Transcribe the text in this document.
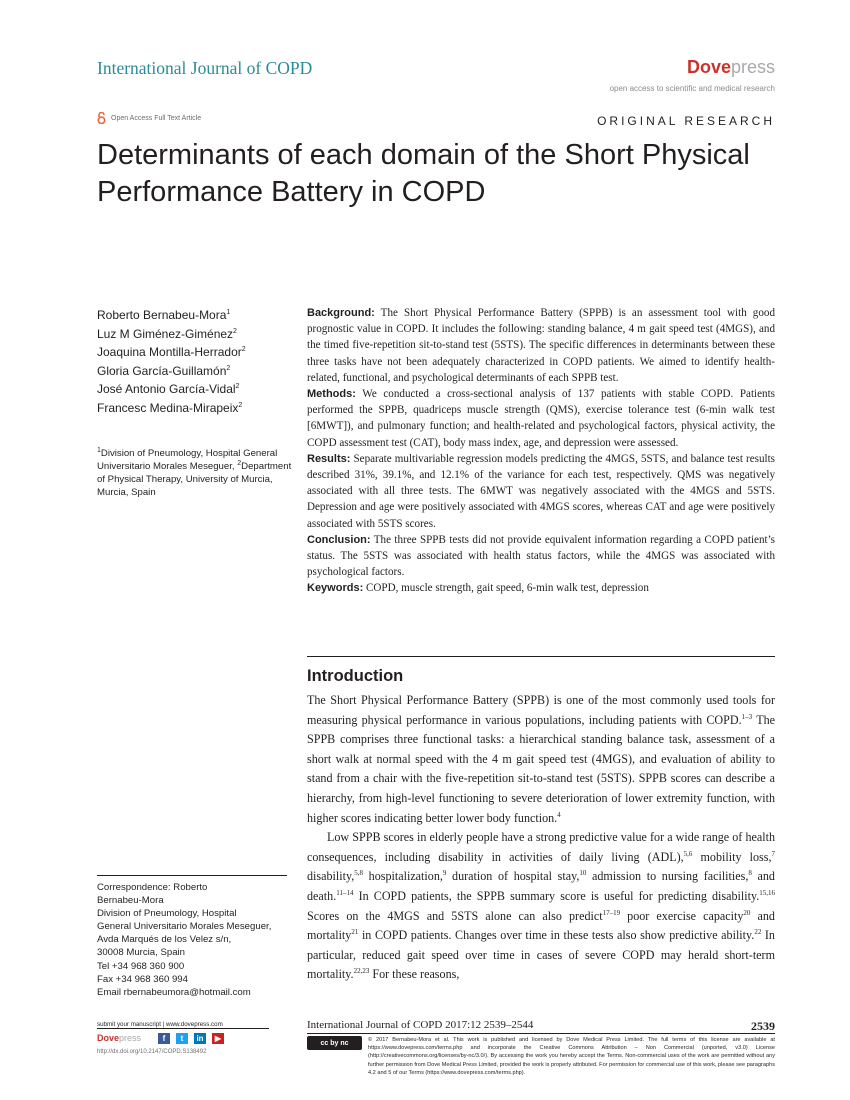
International Journal of COPD	Dovepress
open access to scientific and medical research
Open Access Full Text Article	ORIGINAL RESEARCH
Determinants of each domain of the Short Physical Performance Battery in COPD
Roberto Bernabeu-Mora$^1$
Luz M Giménez-Giménez$^2$
Joaquina Montilla-Herrador$^2$
Gloria García-Guillamón$^2$
José Antonio García-Vidal$^2$
Francesc Medina-Mirapeix$^2$
$^1$Division of Pneumology, Hospital General Universitario Morales Meseguer, $^2$Department of Physical Therapy, University of Murcia, Murcia, Spain
Correspondence: Roberto
Bernabeu-Mora
Division of Pneumology, Hospital
General Universitario Morales Meseguer,
Avda Marqués de los Velez s/n,
30008 Murcia, Spain
Tel +34 968 360 900
Fax +34 968 360 994
Email rbernabeumora@hotmail.com

Background: The Short Physical Performance Battery (SPPB) is an assessment tool with good prognostic value in COPD. It includes the following: standing balance, 4 m gait speed test (4MGS), and the timed five-repetition sit-to-stand test (5STS). The specific differences in determinants between these three tasks have not been adequately characterized in COPD patients. We aimed to identify health-related, functional, and psychological determinants of each SPPB test.

Methods: We conducted a cross-sectional analysis of 137 patients with stable COPD. Patients performed the SPPB, quadriceps muscle strength (QMS), exercise tolerance test (6-min walk test [6MWT]), and pulmonary function; and health-related and psychological factors, physical activity, the COPD assessment test (CAT), body mass index, age, and depression were assessed.

Results: Separate multivariable regression models predicting the 4MGS, 5STS, and balance test results described 31%, 39.1%, and 12.1% of the variance for each test, respectively. QMS was negatively associated with all three tests. The 6MWT was negatively associated with the 4MGS and 5STS. Depression and age were positively associated with 4MGS scores, whereas CAT and age were positively associated with 5STS scores.

Conclusion: The three SPPB tests did not provide equivalent information regarding a COPD patient’s status. The 5STS was associated with health status factors, while the 4MGS was associated with psychological factors.

Keywords: COPD, muscle strength, gait speed, 6-min walk test, depression

Introduction

The Short Physical Performance Battery (SPPB) is one of the most commonly used tools for measuring physical performance in various populations, including patients with COPD.$^{1-3}$ The SPPB comprises three functional tasks: a hierarchical standing balance task, assessment of a short walk at normal speed with the 4 m gait speed test (4MGS), and evaluation of ability to stand from a chair with the five-repetition sit-to-stand test (5STS). SPPB scores can describe a hierarchy, from high-level functioning to severe deterioration of lower extremity function, with higher scores indicating better lower body function.$^4$

Low SPPB scores in elderly people have a strong predictive value for a wide range of health consequences, including disability in activities of daily living (ADL),$^{5,6}$ mobility loss,$^7$ disability,$^{5,8}$ hospitalization,$^9$ duration of hospital stay,$^{10}$ admission to nursing facilities,$^8$ and death.$^{11-14}$ In COPD patients, the SPPB summary score is useful for predicting disability.$^{15,16}$ Scores on the 4MGS and 5STS alone can also predict$^{17-19}$ poor exercise capacity$^{20}$ and mortality$^{21}$ in COPD patients. Changes over time in these tests also show predictive ability.$^{22}$ In particular, reduced gait speed over time in cases of severe COPD may herald short-term mortality.$^{22,23}$ For these reasons,

submit your manuscript | www.dovepress.com
Dovepress	f	t	in	▶
http://dx.doi.org/10.2147/COPD.S138492
International Journal of COPD 2017:12 2539–2544	2539
cc by nc	© 2017 Bernabeu-Mora et al. This work is published and licensed by Dove Medical Press Limited. The full terms of this license are available at https://www.dovepress.com/terms.php and incorporate the Creative Commons Attribution – Non Commercial (unported, v3.0) License (http://creativecommons.org/licenses/by-nc/3.0/). By accessing the work you hereby accept the Terms. Non-commercial uses of the work are permitted without any further permission from Dove Medical Press Limited, provided the work is properly attributed. For permission for commercial use of this work, please see paragraphs 4.2 and 5 of our Terms (https://www.dovepress.com/terms.php).
